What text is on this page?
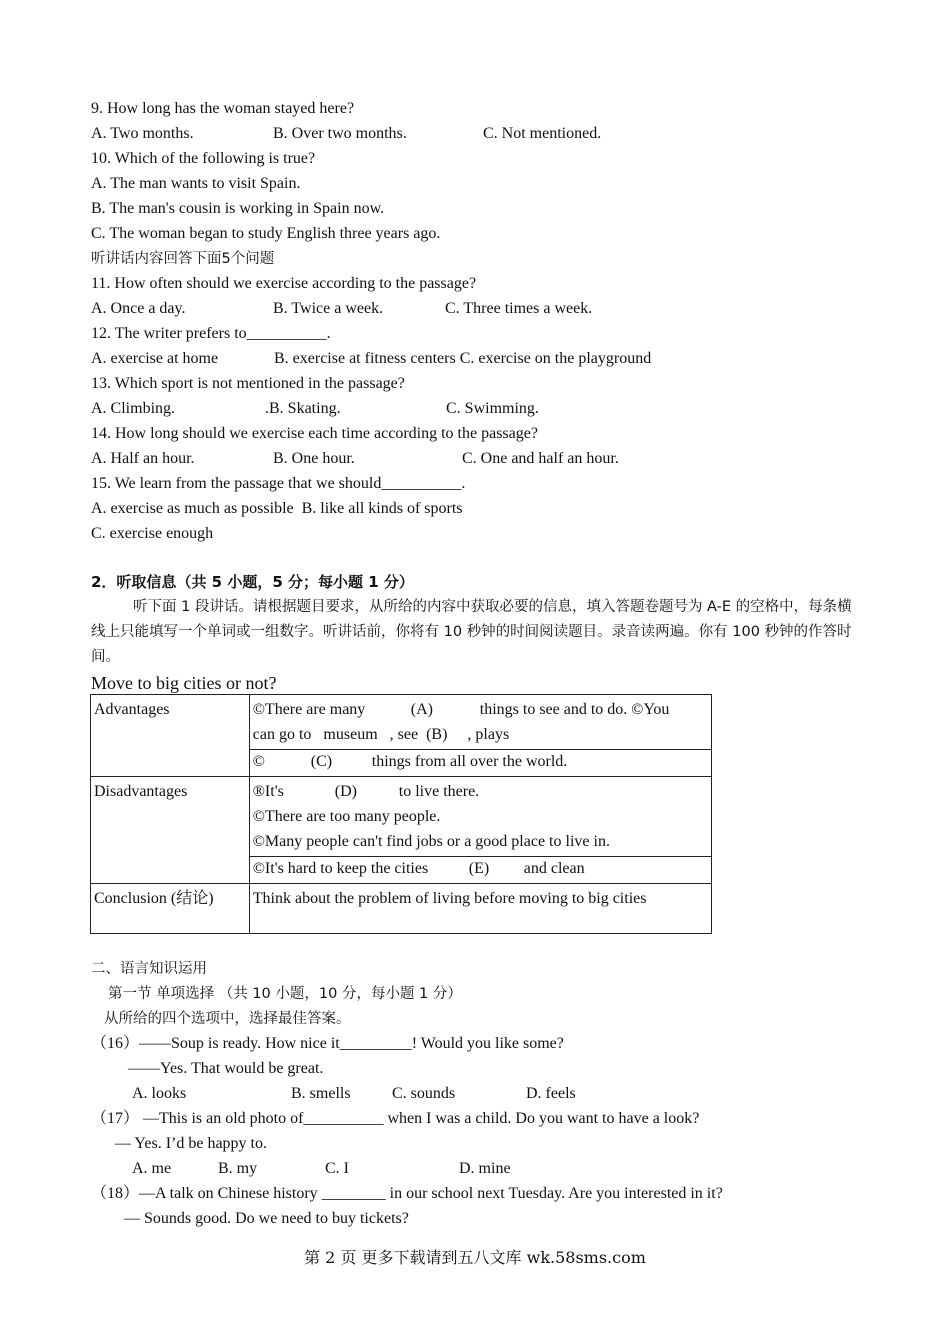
9. How long has the woman stayed here?
A. Two months.	B. Over two months.	C. Not mentioned.
10. Which of the following is true?
A. The man wants to visit Spain.
B. The man's cousin is working in Spain now.
C. The woman began to study English three years ago.
听讲话内容回答下面5个问题
11. How often should we exercise according to the passage?
A. Once a day.	B. Twice a week.	C. Three times a week.
12. The writer prefers to__________.
A. exercise at home	B. exercise at fitness centers C. exercise on the playground
13. Which sport is not mentioned in the passage?
A. Climbing.	.B. Skating.	C. Swimming.
14. How long should we exercise each time according to the passage?
A. Half an hour.	B. One hour.	C. One and half an hour.
15. We learn from the passage that we should__________.
A. exercise as much as possible  B. like all kinds of sports
C. exercise enough
2．听取信息（共 5 小题，5 分；每小题 1 分）
听下面 1 段讲话。请根据题目要求，从所给的内容中获取必要的信息，填入答题卷题号为 A-E 的空格中，每条横线上只能填写一个单词或一组数字。听讲话前，你将有 10 秒钟的时间阅读题目。录音读两遍。你有 100 秒钟的作答时间。
Move to big cities or not?
Advantages	©There are many (A) things to see and to do. ©You
can go to   museum   , see  (B)     , plays

	© (C) things from all over the world.

Disadvantages	®It's (D) to live there.
©There are too many people.
©Many people can't find jobs or a good place to live in.

	©It's hard to keep the cities (E) and clean

Conclusion (结论)	Think about the problem of living before moving to big cities
二、语言知识运用
第一节 单项选择 （共 10 小题，10 分，每小题 1 分）
从所给的四个选项中，选择最佳答案。
（16）——Soup is ready. How nice it_________! Would you like some?
——Yes. That would be great.
A. looks	B. smells	C. sounds	D. feels
（17） —This is an old photo of__________ when I was a child. Do you want to have a look?
— Yes. I’d be happy to.
A. me	B. my	C. I	D. mine
（18）—A talk on Chinese history ________ in our school next Tuesday. Are you interested in it?
— Sounds good. Do we need to buy tickets?
第 2 页 更多下载请到五八文库 wk.58sms.com
